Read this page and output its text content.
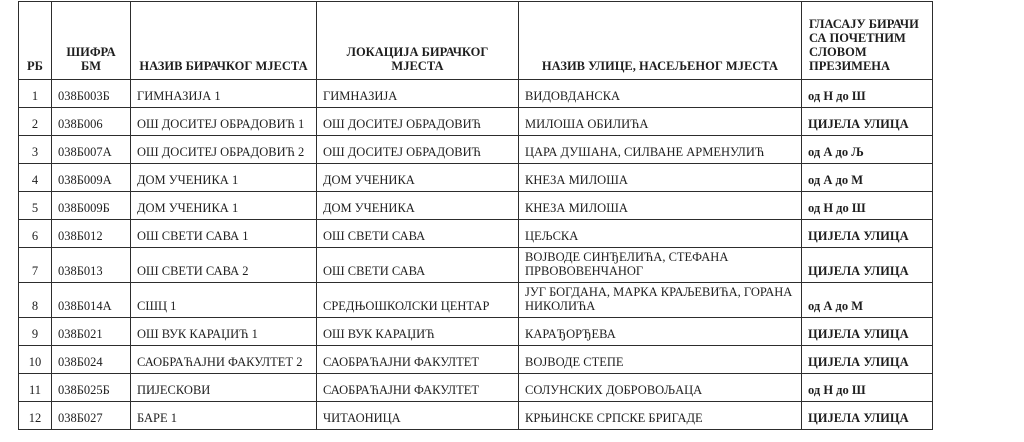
РБ	ШИФРА БМ	НАЗИВ БИРАЧКОГ МЈЕСТА	ЛОКАЦИЈА БИРАЧКОГ МЈЕСТА	НАЗИВ УЛИЦЕ, НАСЕЉЕНОГ МЈЕСТА	ГЛАСАЈУ БИРАЧИ СА ПОЧЕТНИМ СЛОВОМ ПРЕЗИМЕНА
1	038Б003Б	ГИМНАЗИЈА 1	ГИМНАЗИЈА	ВИДОВДАНСКА	од Н до Ш
2	038Б006	ОШ ДОСИТЕЈ ОБРАДОВИЋ 1	ОШ ДОСИТЕЈ ОБРАДОВИЋ	МИЛОША ОБИЛИЋА	ЦИЈЕЛА УЛИЦА
3	038Б007А	ОШ ДОСИТЕЈ ОБРАДОВИЋ 2	ОШ ДОСИТЕЈ ОБРАДОВИЋ	ЦАРА ДУШАНА, СИЛВАНЕ АРМЕНУЛИЋ	од А до Љ
4	038Б009А	ДОМ УЧЕНИКА 1	ДОМ УЧЕНИКА	КНЕЗА МИЛОША	од А до М
5	038Б009Б	ДОМ УЧЕНИКА 1	ДОМ УЧЕНИКА	КНЕЗА МИЛОША	од Н до Ш
6	038Б012	ОШ СВЕТИ САВА 1	ОШ СВЕТИ САВА	ЦЕЉСКА	ЦИЈЕЛА УЛИЦА
7	038Б013	ОШ СВЕТИ САВА 2	ОШ СВЕТИ САВА	ВОЈВОДЕ СИНЂЕЛИЋА, СТЕФАНА ПРВОВОВЕНЧАНОГ	ЦИЈЕЛА УЛИЦА
8	038Б014А	СШЦ 1	СРЕДЊОШКОЛСКИ ЦЕНТАР	ЈУГ БОГДАНА, МАРКА КРАЉЕВИЋА, ГОРАНА НИКОЛИЋА	од А до М
9	038Б021	ОШ ВУК КАРАЏИЋ 1	ОШ ВУК КАРАЏИЋ	КАРАЂОРЂЕВА	ЦИЈЕЛА УЛИЦА
10	038Б024	САОБРАЋАЈНИ ФАКУЛТЕТ 2	САОБРАЋАЈНИ ФАКУЛТЕТ	ВОЈВОДЕ СТЕПЕ	ЦИЈЕЛА УЛИЦА
11	038Б025Б	ПИЈЕСКОВИ	САОБРАЋАЈНИ ФАКУЛТЕТ	СОЛУНСКИХ ДОБРОВОЉАЦА	од Н до Ш
12	038Б027	БАРЕ 1	ЧИТАОНИЦА	КРЊИНСКЕ СРПСКЕ БРИГАДЕ	ЦИЈЕЛА УЛИЦА
